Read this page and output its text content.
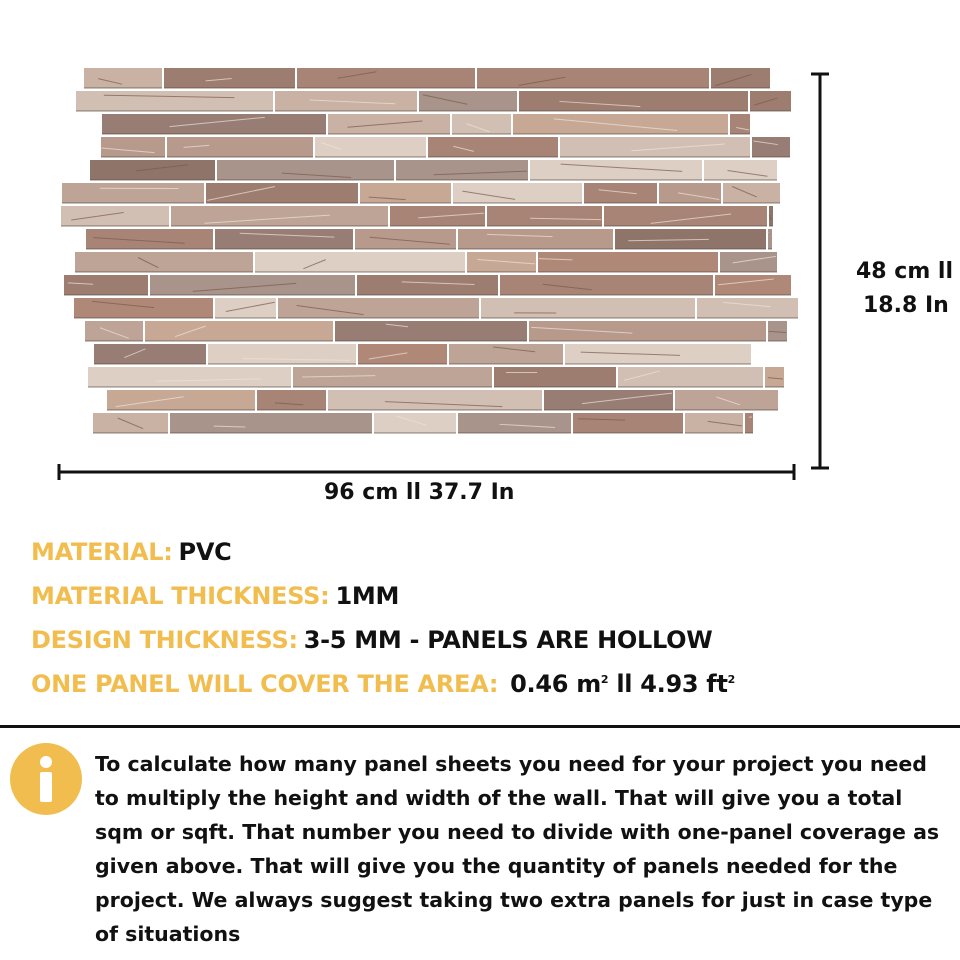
48 cm ll
18.8 In
96 cm ll 37.7 In
MATERIAL: PVC
MATERIAL THICKNESS: 1MM
DESIGN THICKNESS: 3-5 MM - PANELS ARE HOLLOW
ONE PANEL WILL COVER THE AREA: 0.46 $m^2$ ll 4.93 $ft^2$
To calculate how many panel sheets you need for your project you need to multiply the height and width of the wall. That will give you a total sqm or sqft. That number you need to divide with one-panel coverage as given above. That will give you the quantity of panels needed for the project. We always suggest taking two extra panels for just in case type of situations
